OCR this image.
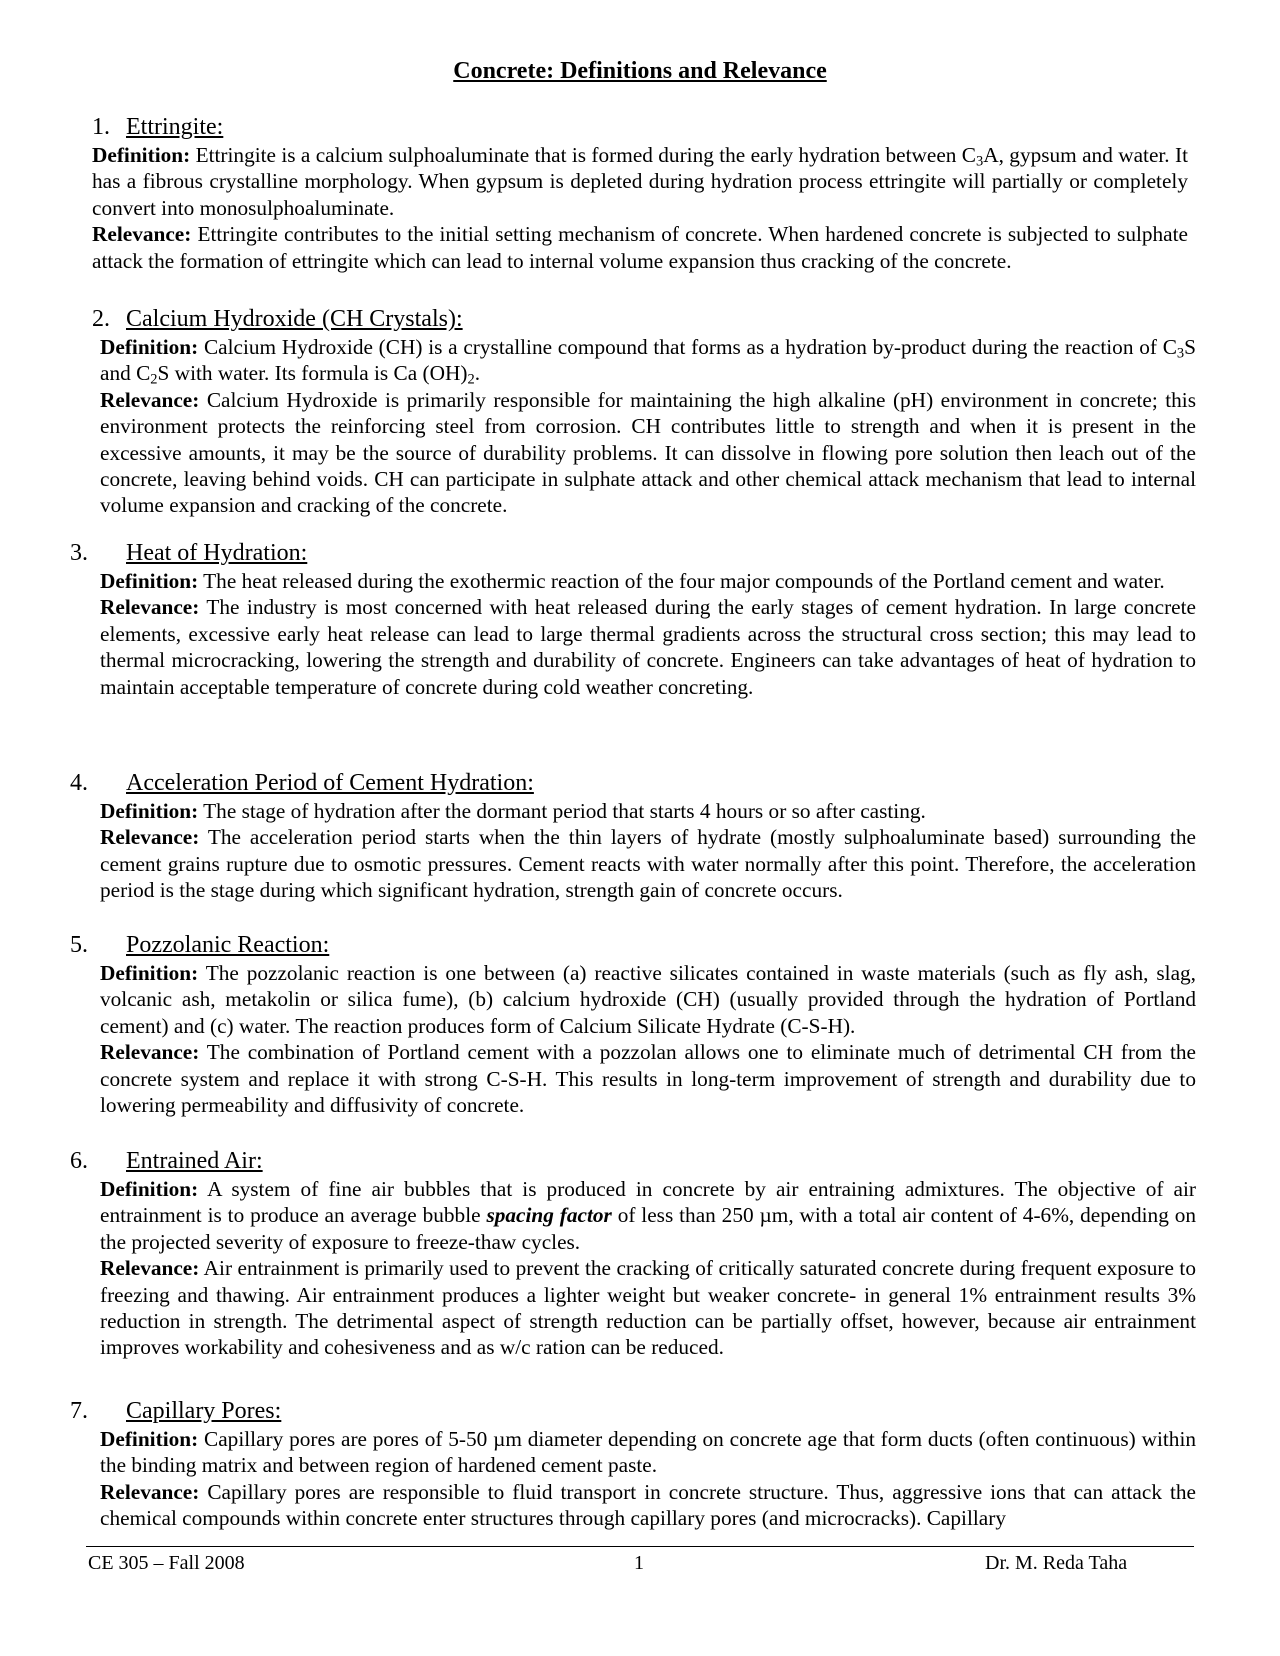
Concrete: Definitions and Relevance
1. Ettringite:

Definition: Ettringite is a calcium sulphoaluminate that is formed during the early hydration between $C_3A$, gypsum and water. It has a fibrous crystalline morphology. When gypsum is depleted during hydration process ettringite will partially or completely convert into monosulphoaluminate.

Relevance: Ettringite contributes to the initial setting mechanism of concrete. When hardened concrete is subjected to sulphate attack the formation of ettringite which can lead to internal volume expansion thus cracking of the concrete.

2. Calcium Hydroxide (CH Crystals):

Definition: Calcium Hydroxide (CH) is a crystalline compound that forms as a hydration by-product during the reaction of $C_3S$ and $C_2S$ with water. Its formula is Ca $(OH)_2$.

Relevance: Calcium Hydroxide is primarily responsible for maintaining the high alkaline (pH) environment in concrete; this environment protects the reinforcing steel from corrosion. CH contributes little to strength and when it is present in the excessive amounts, it may be the source of durability problems. It can dissolve in flowing pore solution then leach out of the concrete, leaving behind voids. CH can participate in sulphate attack and other chemical attack mechanism that lead to internal volume expansion and cracking of the concrete.

3. Heat of Hydration:

Definition: The heat released during the exothermic reaction of the four major compounds of the Portland cement and water.

Relevance: The industry is most concerned with heat released during the early stages of cement hydration. In large concrete elements, excessive early heat release can lead to large thermal gradients across the structural cross section; this may lead to thermal microcracking, lowering the strength and durability of concrete. Engineers can take advantages of heat of hydration to maintain acceptable temperature of concrete during cold weather concreting.

4. Acceleration Period of Cement Hydration:

Definition: The stage of hydration after the dormant period that starts 4 hours or so after casting.

Relevance: The acceleration period starts when the thin layers of hydrate (mostly sulphoaluminate based) surrounding the cement grains rupture due to osmotic pressures. Cement reacts with water normally after this point. Therefore, the acceleration period is the stage during which significant hydration, strength gain of concrete occurs.

5. Pozzolanic Reaction:

Definition: The pozzolanic reaction is one between (a) reactive silicates contained in waste materials (such as fly ash, slag, volcanic ash, metakolin or silica fume), (b) calcium hydroxide (CH) (usually provided through the hydration of Portland cement) and (c) water. The reaction produces form of Calcium Silicate Hydrate (C-S-H).

Relevance: The combination of Portland cement with a pozzolan allows one to eliminate much of detrimental CH from the concrete system and replace it with strong C-S-H. This results in long-term improvement of strength and durability due to lowering permeability and diffusivity of concrete.

6. Entrained Air:

Definition: A system of fine air bubbles that is produced in concrete by air entraining admixtures. The objective of air entrainment is to produce an average bubble spacing factor of less than 250 µm, with a total air content of 4-6%, depending on the projected severity of exposure to freeze-thaw cycles.

Relevance: Air entrainment is primarily used to prevent the cracking of critically saturated concrete during frequent exposure to freezing and thawing. Air entrainment produces a lighter weight but weaker concrete- in general 1% entrainment results 3% reduction in strength. The detrimental aspect of strength reduction can be partially offset, however, because air entrainment improves workability and cohesiveness and as w/c ration can be reduced.

7. Capillary Pores:

Definition: Capillary pores are pores of 5-50 µm diameter depending on concrete age that form ducts (often continuous) within the binding matrix and between region of hardened cement paste.

Relevance: Capillary pores are responsible to fluid transport in concrete structure. Thus, aggressive ions that can attack the chemical compounds within concrete enter structures through capillary pores (and microcracks). Capillary

CE 305 – Fall 2008	1	Dr. M. Reda Taha
